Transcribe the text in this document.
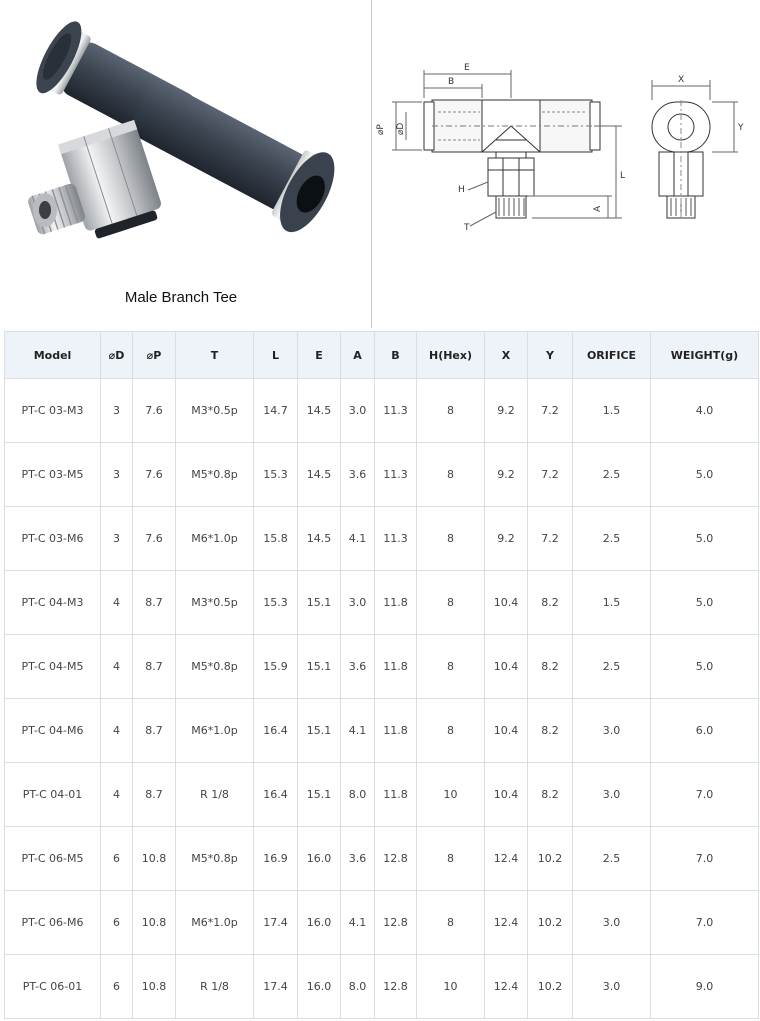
Male Branch Tee
E
B
⌀P ⌀D
L
H
T
A
X
Y
Model	⌀D	⌀P	T	L	E	A	B	H(Hex)	X	Y	ORIFICE	WEIGHT(g)
PT-C 03-M3	3	7.6	M3*0.5p	14.7	14.5	3.0	11.3	8	9.2	7.2	1.5	4.0
PT-C 03-M5	3	7.6	M5*0.8p	15.3	14.5	3.6	11.3	8	9.2	7.2	2.5	5.0
PT-C 03-M6	3	7.6	M6*1.0p	15.8	14.5	4.1	11.3	8	9.2	7.2	2.5	5.0
PT-C 04-M3	4	8.7	M3*0.5p	15.3	15.1	3.0	11.8	8	10.4	8.2	1.5	5.0
PT-C 04-M5	4	8.7	M5*0.8p	15.9	15.1	3.6	11.8	8	10.4	8.2	2.5	5.0
PT-C 04-M6	4	8.7	M6*1.0p	16.4	15.1	4.1	11.8	8	10.4	8.2	3.0	6.0
PT-C 04-01	4	8.7	R 1/8	16.4	15.1	8.0	11.8	10	10.4	8.2	3.0	7.0
PT-C 06-M5	6	10.8	M5*0.8p	16.9	16.0	3.6	12.8	8	12.4	10.2	2.5	7.0
PT-C 06-M6	6	10.8	M6*1.0p	17.4	16.0	4.1	12.8	8	12.4	10.2	3.0	7.0
PT-C 06-01	6	10.8	R 1/8	17.4	16.0	8.0	12.8	10	12.4	10.2	3.0	9.0
